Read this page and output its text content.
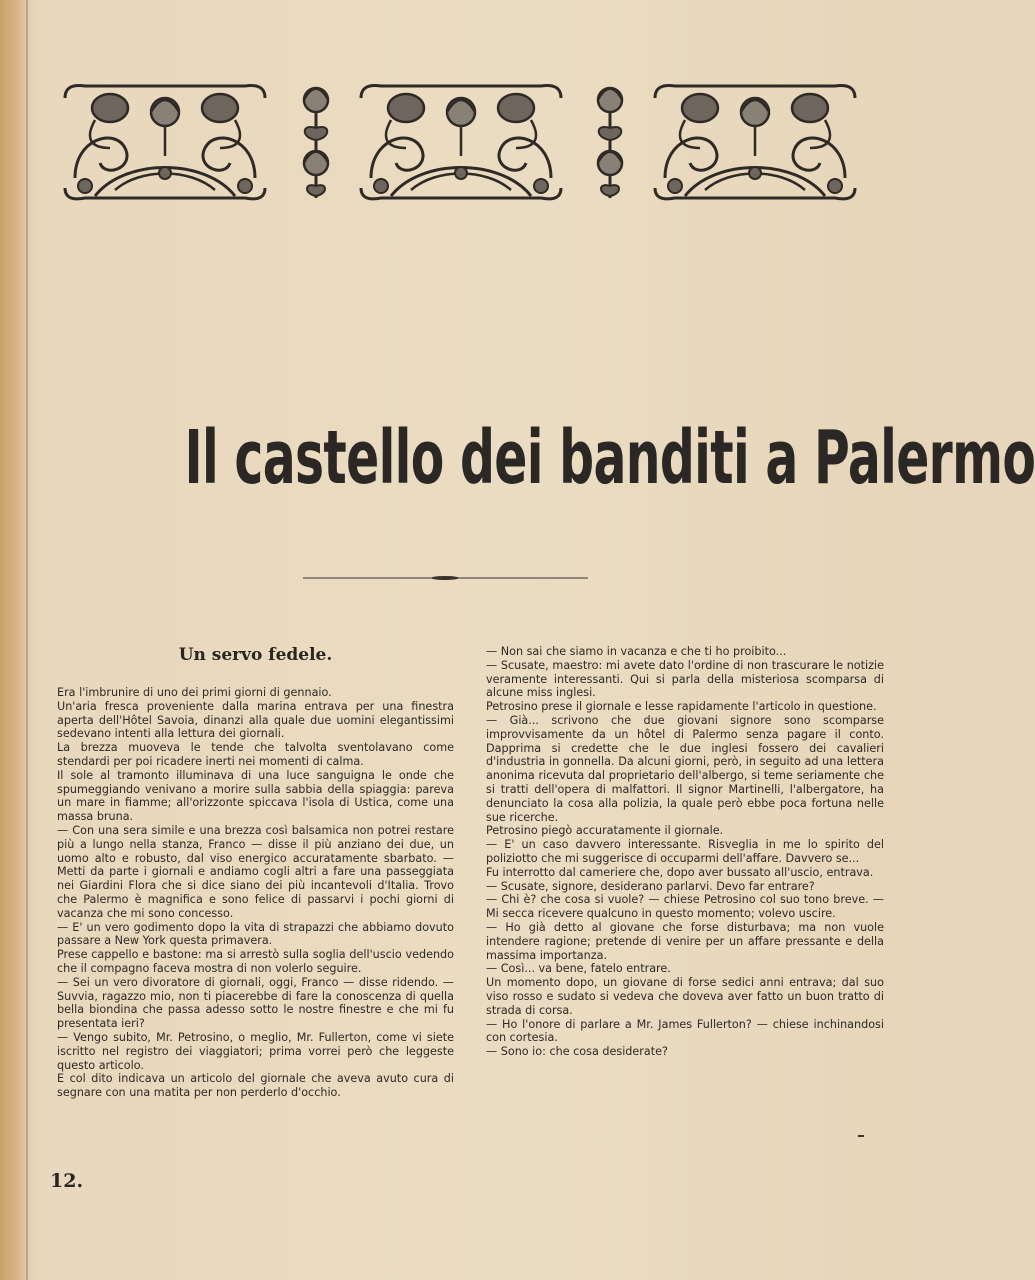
Il castello dei banditi a Palermo
Un servo fedele.

Era l'imbrunire di uno dei primi giorni di gennaio.

Un'aria fresca proveniente dalla marina entrava per una finestra aperta dell'Hôtel Savoia, dinanzi alla quale due uomini elegantissimi sedevano intenti alla lettura dei giornali.

La brezza muoveva le tende che talvolta sventolavano come stendardi per poi ricadere inerti nei momenti di calma.

Il sole al tramonto illuminava di una luce sanguigna le onde che spumeggiando venivano a morire sulla sabbia della spiaggia: pareva un mare in fiamme; all'orizzonte spiccava l'isola di Ustica, come una massa bruna.

— Con una sera simile e una brezza così balsamica non potrei restare più a lungo nella stanza, Franco — disse il più anziano dei due, un uomo alto e robusto, dal viso energico accuratamente sbarbato. — Metti da parte i giornali e andiamo cogli altri a fare una passeggiata nei Giardini Flora che si dice siano dei più incantevoli d'Italia. Trovo che Palermo è magnifica e sono felice di passarvi i pochi giorni di vacanza che mi sono concesso.

— E' un vero godimento dopo la vita di strapazzi che abbiamo dovuto passare a New York questa primavera.

Prese cappello e bastone: ma si arrestò sulla soglia dell'uscio vedendo che il compagno faceva mostra di non volerlo seguire.

— Sei un vero divoratore di giornali, oggi, Franco — disse ridendo. — Suvvia, ragazzo mio, non ti piacerebbe di fare la conoscenza di quella bella biondina che passa adesso sotto le nostre finestre e che mi fu presentata ieri?

— Vengo subito, Mr. Petrosino, o meglio, Mr. Fullerton, come vi siete iscritto nel registro dei viaggiatori; prima vorrei però che leggeste questo articolo.

E col dito indicava un articolo del giornale che aveva avuto cura di segnare con una matita per non perderlo d'occhio.

— Non sai che siamo in vacanza e che ti ho proibito...

— Scusate, maestro: mi avete dato l'ordine di non trascurare le notizie veramente interessanti. Qui si parla della misteriosa scomparsa di alcune miss inglesi.

Petrosino prese il giornale e lesse rapidamente l'articolo in questione.

— Già... scrivono che due giovani signore sono scomparse improvvisamente da un hôtel di Palermo senza pagare il conto. Dapprima si credette che le due inglesi fossero dei cavalieri d'industria in gonnella. Da alcuni giorni, però, in seguito ad una lettera anonima ricevuta dal proprietario dell'albergo, si teme seriamente che si tratti dell'opera di malfattori. Il signor Martinelli, l'albergatore, ha denunciato la cosa alla polizia, la quale però ebbe poca fortuna nelle sue ricerche.

Petrosino piegò accuratamente il giornale.

— E' un caso davvero interessante. Risveglia in me lo spirito del poliziotto che mi suggerisce di occuparmi dell'affare. Davvero se...

Fu interrotto dal cameriere che, dopo aver bussato all'uscio, entrava.

— Scusate, signore, desiderano parlarvi. Devo far entrare?

— Chi è? che cosa si vuole? — chiese Petrosino col suo tono breve. — Mi secca ricevere qualcuno in questo momento; volevo uscire.

— Ho già detto al giovane che forse disturbava; ma non vuole intendere ragione; pretende di venire per un affare pressante e della massima importanza.

— Così... va bene, fatelo entrare.

Un momento dopo, un giovane di forse sedici anni entrava; dal suo viso rosso e sudato si vedeva che doveva aver fatto un buon tratto di strada di corsa.

— Ho l'onore di parlare a Mr. James Fullerton? — chiese inchinandosi con cortesia.

— Sono io: che cosa desiderate?

12.
